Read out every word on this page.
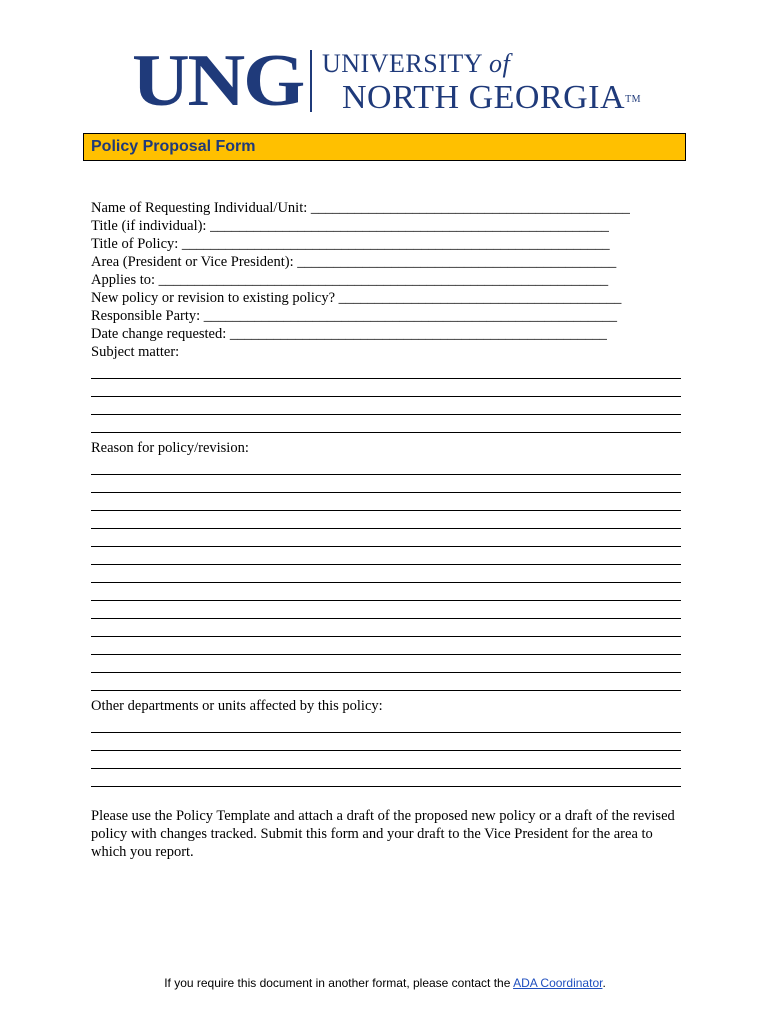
UNG UNIVERSITY of
NORTH GEORGIA™
Policy Proposal Form
Name of Requesting Individual/Unit: ____________________________________________
Title (if individual): _______________________________________________________
Title of Policy: ___________________________________________________________
Area (President or Vice President): ____________________________________________
Applies to: ______________________________________________________________
New policy or revision to existing policy? _______________________________________
Responsible Party: _________________________________________________________
Date change requested: ____________________________________________________
Subject matter:
Reason for policy/revision:
Other departments or units affected by this policy:
Please use the Policy Template and attach a draft of the proposed new policy or a draft of the revised policy with changes tracked. Submit this form and your draft to the Vice President for the area to which you report.
If you require this document in another format, please contact the ADA Coordinator.
